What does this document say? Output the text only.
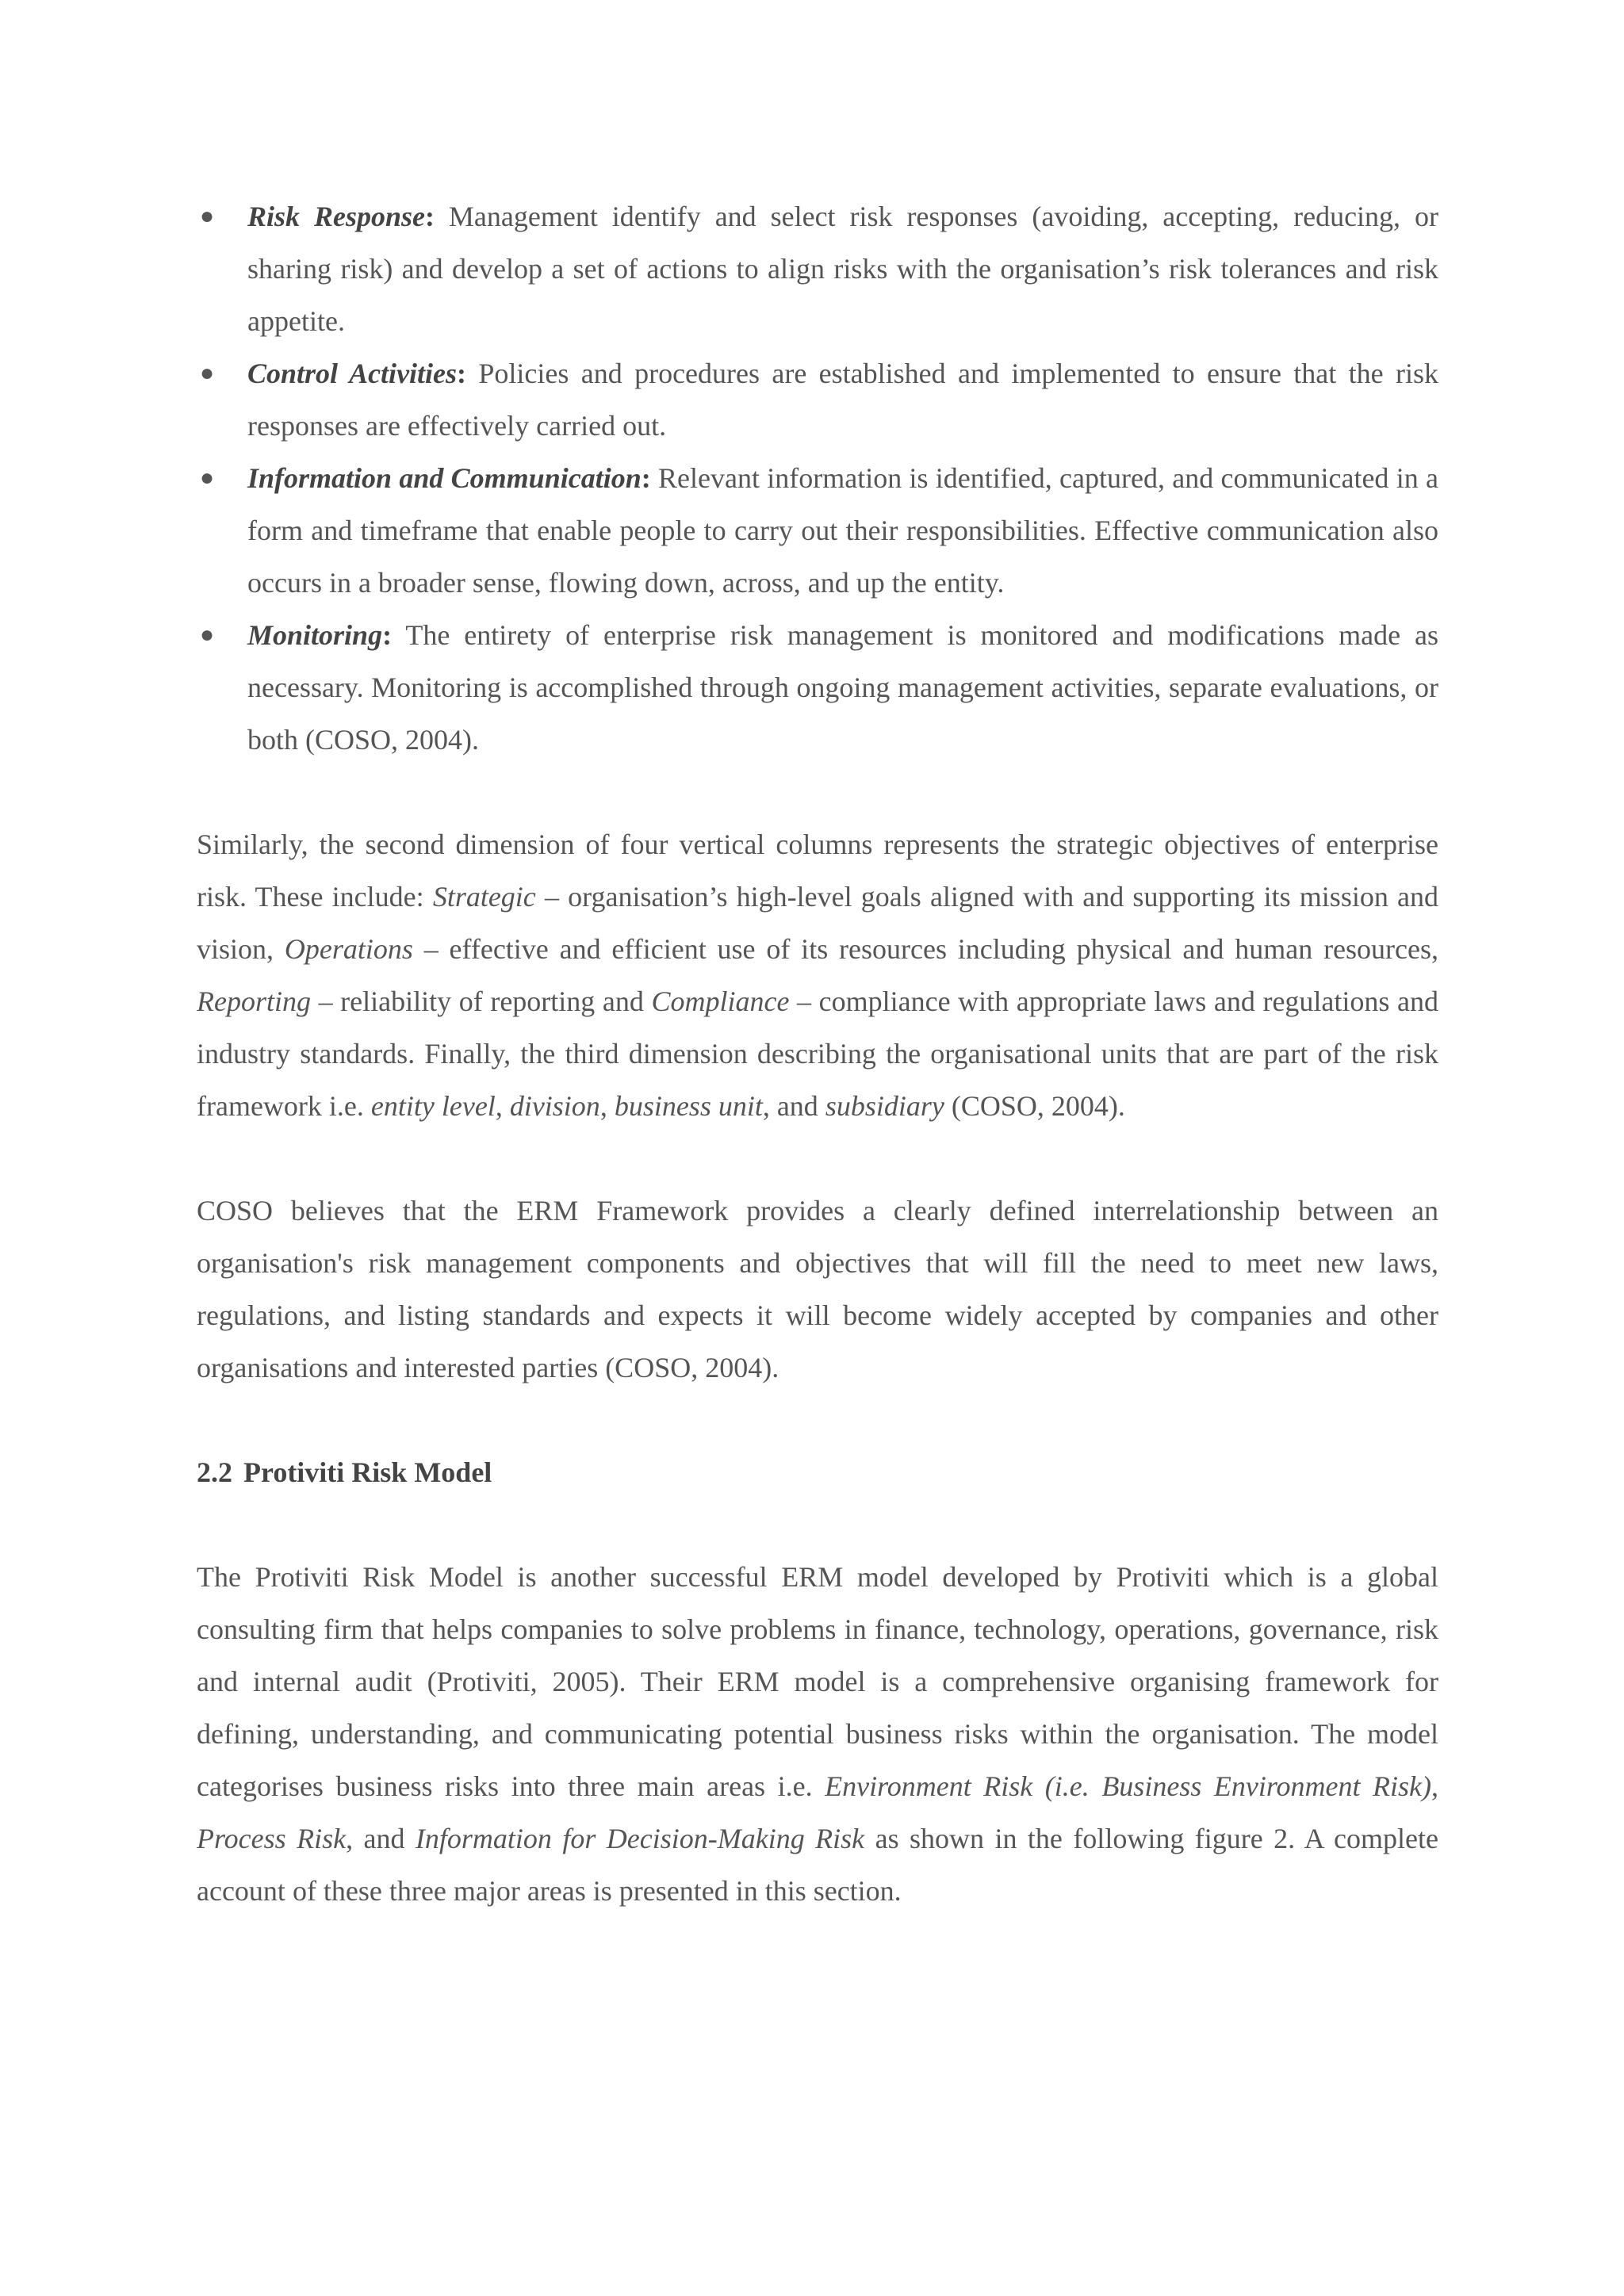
●	Risk Response: Management identify and select risk responses (avoiding, accepting, reducing, or sharing risk) and develop a set of actions to align risks with the organisation’s risk tolerances and risk appetite.
●	Control Activities: Policies and procedures are established and implemented to ensure that the risk responses are effectively carried out.
●	Information and Communication: Relevant information is identified, captured, and communicated in a form and timeframe that enable people to carry out their responsibilities. Effective communication also occurs in a broader sense, flowing down, across, and up the entity.
●	Monitoring: The entirety of enterprise risk management is monitored and modifications made as necessary. Monitoring is accomplished through ongoing management activities, separate evaluations, or both (COSO, 2004).

Similarly, the second dimension of four vertical columns represents the strategic objectives of enterprise risk. These include: Strategic – organisation’s high-level goals aligned with and supporting its mission and vision, Operations – effective and efficient use of its resources including physical and human resources, Reporting – reliability of reporting and Compliance – compliance with appropriate laws and regulations and industry standards. Finally, the third dimension describing the organisational units that are part of the risk framework i.e. entity level, division, business unit, and subsidiary (COSO, 2004).

COSO believes that the ERM Framework provides a clearly defined interrelationship between an organisation's risk management components and objectives that will fill the need to meet new laws, regulations, and listing standards and expects it will become widely accepted by companies and other organisations and interested parties (COSO, 2004).

2.2 Protiviti Risk Model

The Protiviti Risk Model is another successful ERM model developed by Protiviti which is a global consulting firm that helps companies to solve problems in finance, technology, operations, governance, risk and internal audit (Protiviti, 2005). Their ERM model is a comprehensive organising framework for defining, understanding, and communicating potential business risks within the organisation. The model categorises business risks into three main areas i.e. Environment Risk (i.e. Business Environment Risk), Process Risk, and Information for Decision-Making Risk as shown in the following figure 2. A complete account of these three major areas is presented in this section.
